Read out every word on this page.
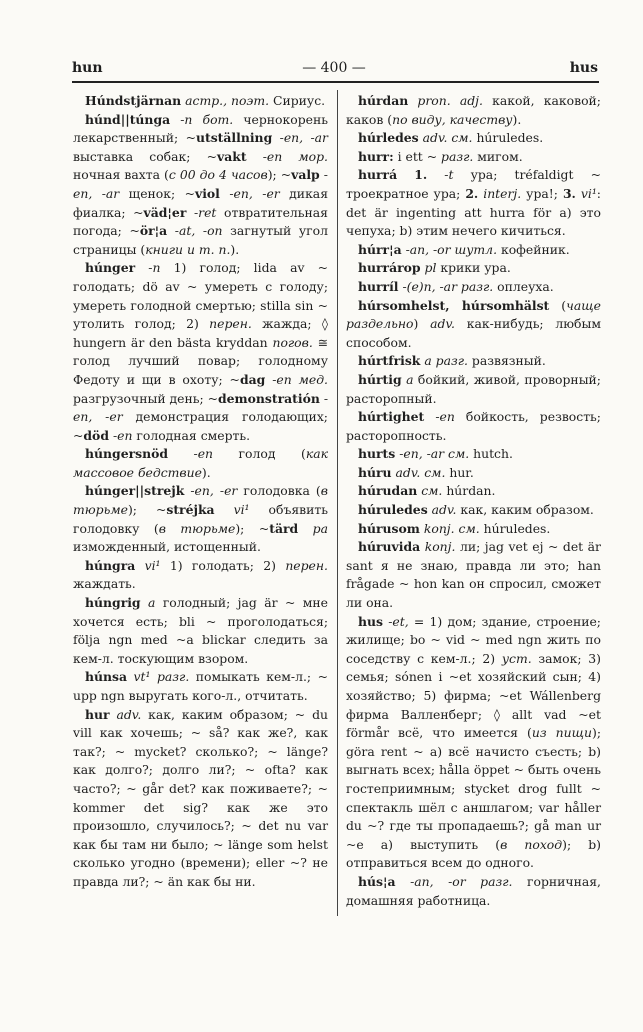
hun	— 400 —	hus

Húndstjärnan астр., поэт. Сириус.

húnd||túnga -n бот. чернокорень лекарственный; ~utställning -en, -ar выставка собак; ~vakt -en мор. ночная вахта (с 00 до 4 часов); ~valp -en, -ar щенок; ~viol -en, -er дикая фиалка; ~väd¦er -ret отвратительная погода; ~ör¦a -at, -on загнутый угол страницы (книги и т. п.).

húnger -n 1) голод; lida av ~ голодать; dö av ~ умереть с голоду; умереть голодной смертью; stilla sin ~ утолить голод; 2) перен. жажда; ◊ hungern är den bästa kryddan погов. ≅ голод лучший повар; голодному Федоту и щи в охоту; ~dag -en мед. разгрузочный день; ~demonstratión -en, -er демонстрация голодающих; ~död -en голодная смерть.

húngersnöd -en голод (как массовое бедствие).

húnger||strejk -en, -er голодовка (в тюрьме); ~stréjka vi¹ объявить голодовку (в тюрьме); ~tärd pa изможденный, истощенный.

húngra vi¹ 1) голодать; 2) перен. жаждать.

húngrig a голодный; jag är ~ мне хочется есть; bli ~ проголодаться; följa ngn med ~a blickar следить за кем-л. тоскующим взором.

húnsa vt¹ разг. помыкать кем-л.; ~ upp ngn выругать кого-л., отчитать.

hur adv. как, каким образом; ~ du vill как хочешь; ~ så? как же?, как так?; ~ mycket? сколько?; ~ länge? как долго?; долго ли?; ~ ofta? как часто?; ~ går det? как поживаете?; ~ kommer det sig? как же это произошло, случилось?; ~ det nu var как бы там ни было; ~ länge som helst сколько угодно (времени); eller ~? не правда ли?; ~ än как бы ни.

húrdan pron. adj. какой, каковой; каков (по виду, качеству).

húrledes adv. см. húruledes.

hurr: i ett ~ разг. мигом.

hurrá 1. -t ура; tréfaldigt ~ троекратное ура; 2. interj. ура!; 3. vi¹: det är ingenting att hurra för a) это чепуха; b) этим нечего кичиться.

húrr¦a -an, -or шутл. кофейник.

hurrárop pl крики ура.

hurríl -(e)n, -ar разг. оплеуха.

húrsomhelst, húrsomhälst (чаще раздельно) adv. как-нибудь; любым способом.

húrtfrisk a разг. развязный.

húrtig a бойкий, живой, проворный; расторопный.

húrtighet -en бойкость, резвость; расторопность.

hurts -en, -ar см. hutch.

húru adv. см. hur.

húrudan см. húrdan.

húruledes adv. как, каким образом.

húrusom konj. см. húruledes.

húruvida konj. ли; jag vet ej ~ det är sant я не знаю, правда ли это; han frågade ~ hon kan он спросил, сможет ли она.

hus -et, = 1) дом; здание, строение; жилище; bo ~ vid ~ med ngn жить по соседству с кем-л.; 2) уст. замок; 3) семья; sónen i ~et хозяйский сын; 4) хозяйство; 5) фирма; ~et Wállenberg фирма Валленберг; ◊ allt vad ~et förmår всё, что имеется (из пищи); göra rent ~ a) всё начисто съесть; b) выгнать всех; hålla öppet ~ быть очень гостеприимным; stycket drog fullt ~ спектакль шёл с аншлагом; var håller du ~? где ты пропадаешь?; gå man ur ~e a) выступить (в поход); b) отправиться всем до одного.

hús¦a -an, -or разг. горничная, домашняя работница.
